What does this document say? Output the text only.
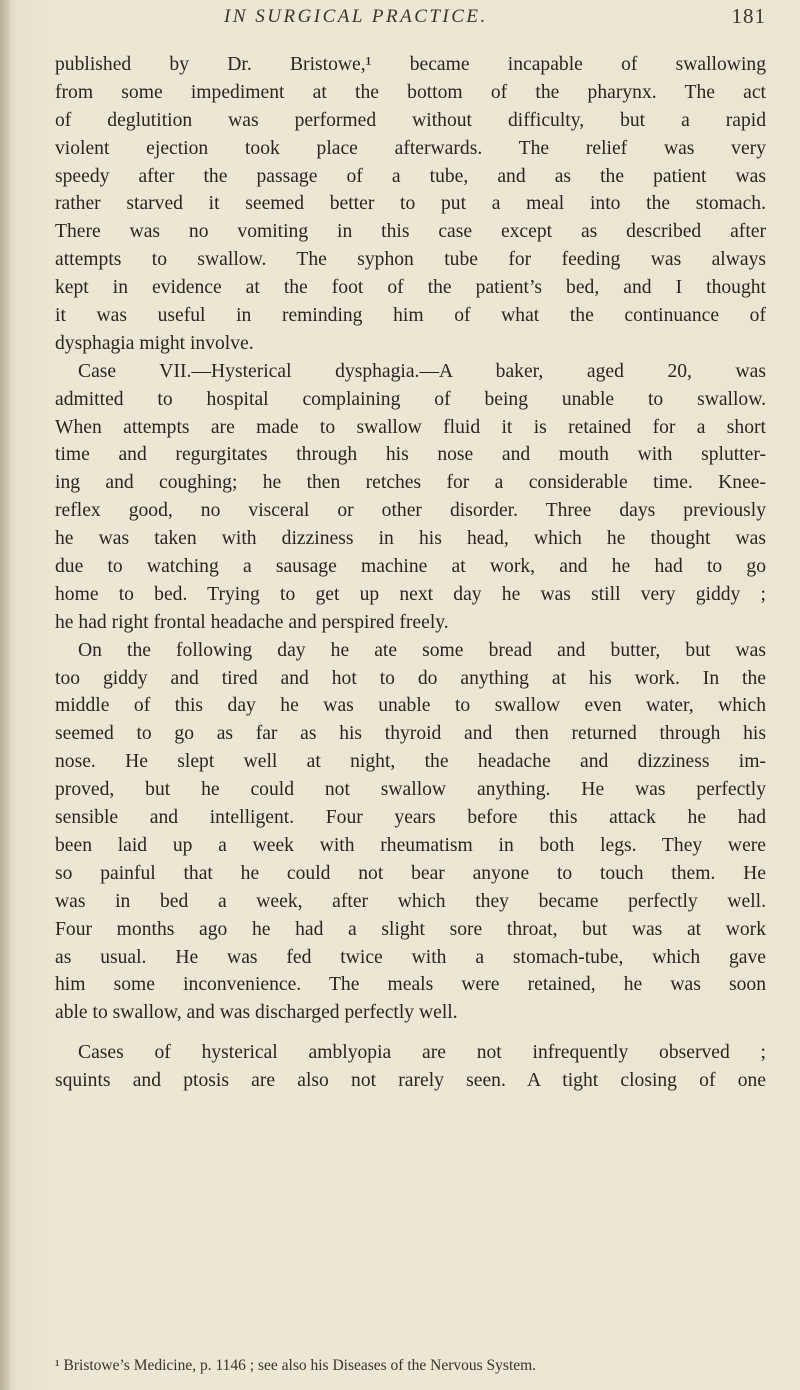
IN SURGICAL PRACTICE.	181
published by Dr. Bristowe,¹ became incapable of swallowing
from some impediment at the bottom of the pharynx. The act
of deglutition was performed without difficulty, but a rapid
violent ejection took place afterwards. The relief was very
speedy after the passage of a tube, and as the patient was
rather starved it seemed better to put a meal into the stomach.
There was no vomiting in this case except as described after
attempts to swallow. The syphon tube for feeding was always
kept in evidence at the foot of the patient’s bed, and I thought
it was useful in reminding him of what the continuance of
dysphagia might involve.
Case VII.—Hysterical dysphagia.—A baker, aged 20, was
admitted to hospital complaining of being unable to swallow.
When attempts are made to swallow fluid it is retained for a short
time and regurgitates through his nose and mouth with splutter-
ing and coughing; he then retches for a considerable time. Knee-
reflex good, no visceral or other disorder. Three days previously
he was taken with dizziness in his head, which he thought was
due to watching a sausage machine at work, and he had to go
home to bed. Trying to get up next day he was still very giddy ;
he had right frontal headache and perspired freely.
On the following day he ate some bread and butter, but was
too giddy and tired and hot to do anything at his work. In the
middle of this day he was unable to swallow even water, which
seemed to go as far as his thyroid and then returned through his
nose. He slept well at night, the headache and dizziness im-
proved, but he could not swallow anything. He was perfectly
sensible and intelligent. Four years before this attack he had
been laid up a week with rheumatism in both legs. They were
so painful that he could not bear anyone to touch them. He
was in bed a week, after which they became perfectly well.
Four months ago he had a slight sore throat, but was at work
as usual. He was fed twice with a stomach-tube, which gave
him some inconvenience. The meals were retained, he was soon
able to swallow, and was discharged perfectly well.
Cases of hysterical amblyopia are not infrequently observed ;
squints and ptosis are also not rarely seen. A tight closing of one
¹ Bristowe’s Medicine, p. 1146 ; see also his Diseases of the Nervous System.
